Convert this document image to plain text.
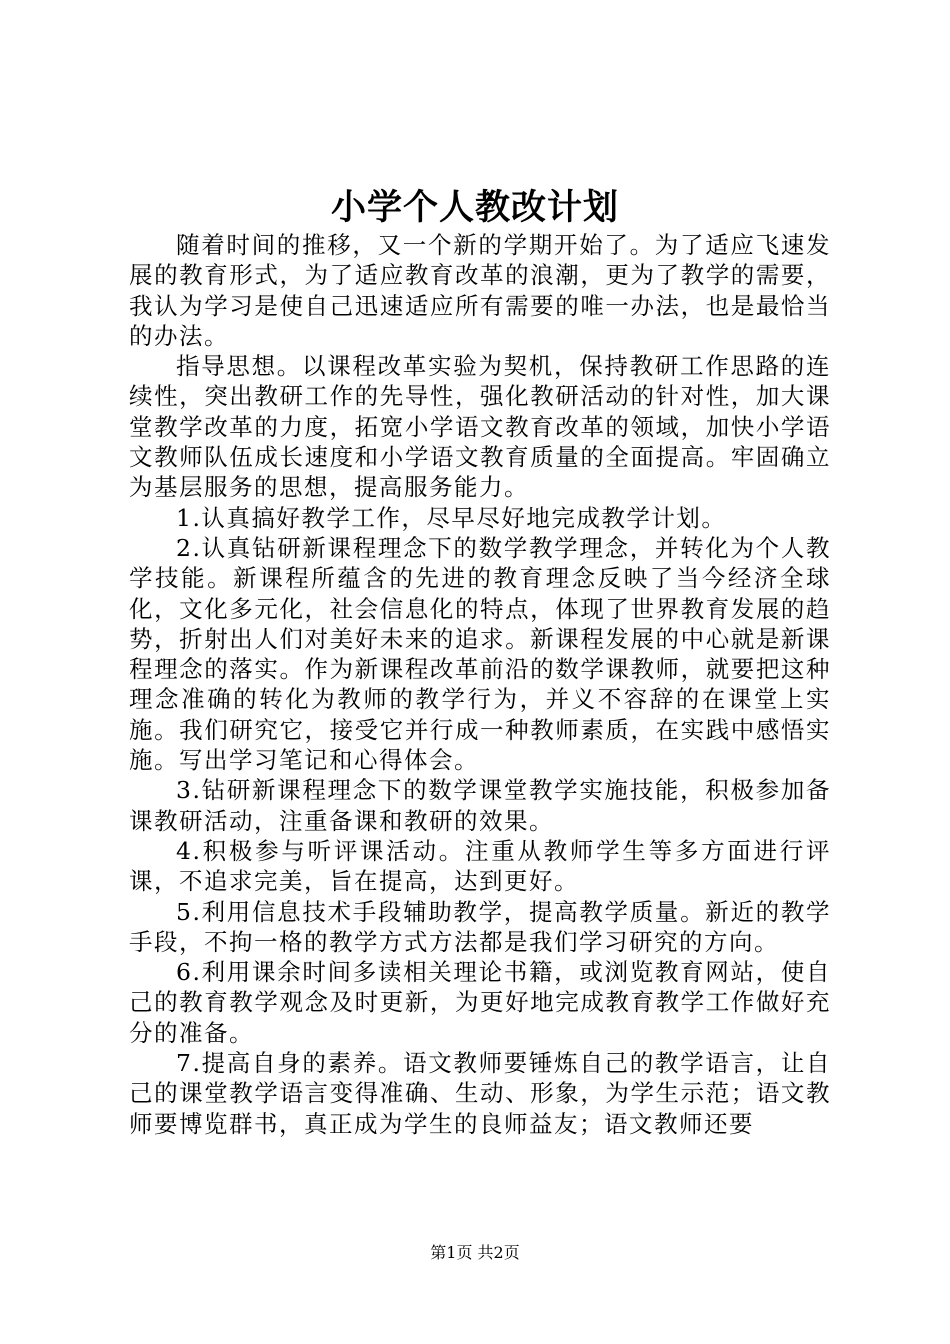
小学个人教改计划

随着时间的推移，又一个新的学期开始了。为了适应飞速发展的教育形式，为了适应教育改革的浪潮，更为了教学的需要，我认为学习是使自己迅速适应所有需要的唯一办法，也是最恰当的办法。

指导思想。以课程改革实验为契机，保持教研工作思路的连续性，突出教研工作的先导性，强化教研活动的针对性，加大课堂教学改革的力度，拓宽小学语文教育改革的领域，加快小学语文教师队伍成长速度和小学语文教育质量的全面提高。牢固确立为基层服务的思想，提高服务能力。

1.认真搞好教学工作，尽早尽好地完成教学计划。

2.认真钻研新课程理念下的数学教学理念，并转化为个人教学技能。新课程所蕴含的先进的教育理念反映了当今经济全球化，文化多元化，社会信息化的特点，体现了世界教育发展的趋势，折射出人们对美好未来的追求。新课程发展的中心就是新课程理念的落实。作为新课程改革前沿的数学课教师，就要把这种理念准确的转化为教师的教学行为，并义不容辞的在课堂上实施。我们研究它，接受它并行成一种教师素质，在实践中感悟实施。写出学习笔记和心得体会。

3.钻研新课程理念下的数学课堂教学实施技能，积极参加备课教研活动，注重备课和教研的效果。

4.积极参与听评课活动。注重从教师学生等多方面进行评课，不追求完美，旨在提高，达到更好。

5.利用信息技术手段辅助教学，提高教学质量。新近的教学手段，不拘一格的教学方式方法都是我们学习研究的方向。

6.利用课余时间多读相关理论书籍，或浏览教育网站，使自己的教育教学观念及时更新，为更好地完成教育教学工作做好充分的准备。

7.提高自身的素养。语文教师要锤炼自己的教学语言，让自己的课堂教学语言变得准确、生动、形象，为学生示范；语文教师要博览群书，真正成为学生的良师益友；语文教师还要

第1页 共2页
